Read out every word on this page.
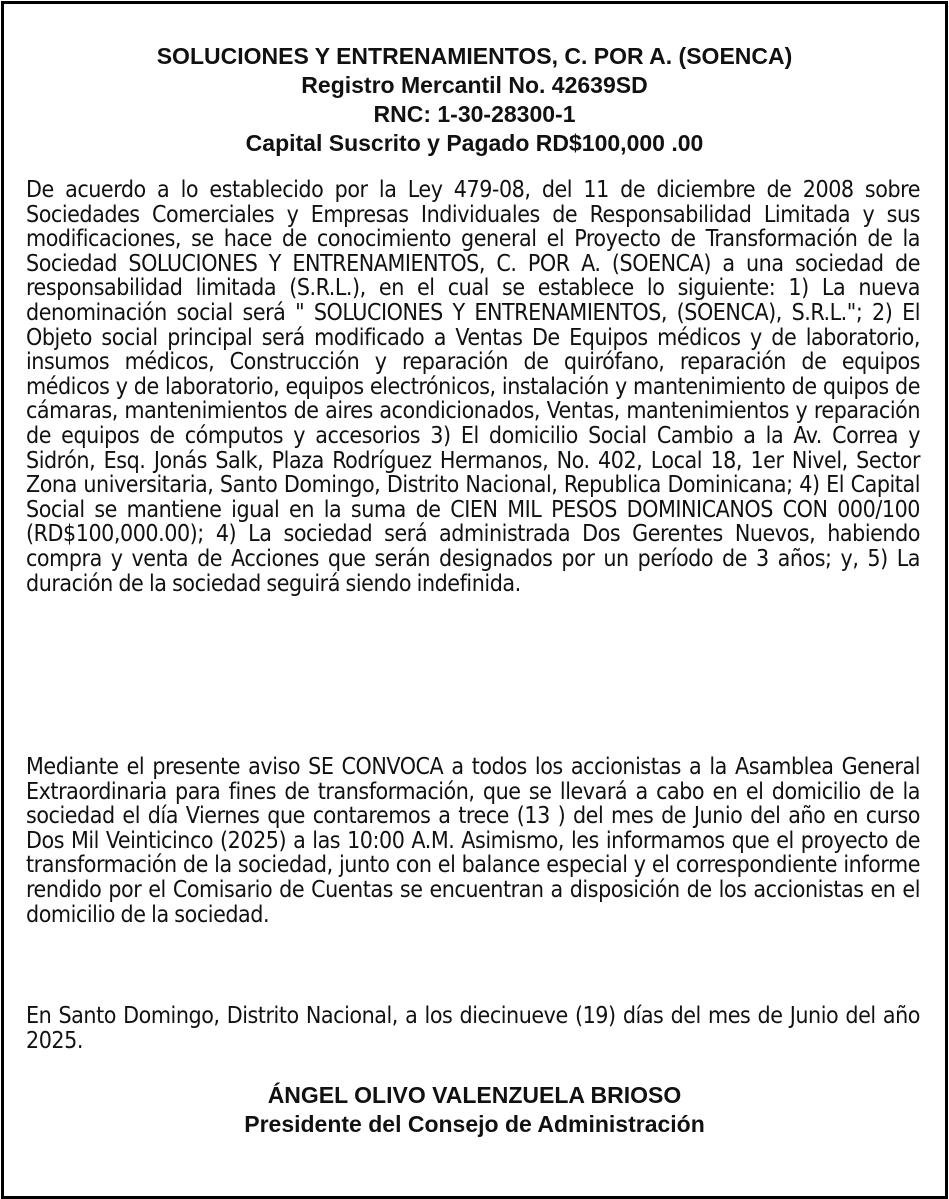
SOLUCIONES Y ENTRENAMIENTOS, C. POR A. (SOENCA)
Registro Mercantil No. 42639SD
RNC: 1-30-28300-1
Capital Suscrito y Pagado RD$100,000 .00

De acuerdo a lo establecido por la Ley 479-08, del 11 de diciembre de 2008 sobre Sociedades Comerciales y Empresas Individuales de Responsabilidad Limitada y sus modificaciones, se hace de conocimiento general el Proyecto de Transformación de la Sociedad SOLUCIONES Y ENTRENAMIENTOS, C. POR A. (SOENCA) a una sociedad de responsabilidad limitada (S.R.L.), en el cual se establece lo siguiente: 1) La nueva denominación social será " SOLUCIONES Y ENTRENAMIENTOS, (SOENCA), S.R.L."; 2) El Objeto social principal será modificado a Ventas De Equipos médicos y de laboratorio, insumos médicos, Construcción y reparación de quirófano, reparación de equipos médicos y de laboratorio, equipos electrónicos, instalación y mantenimiento de quipos de cámaras, mantenimientos de aires acondicionados, Ventas, mantenimientos y reparación de equipos de cómputos y accesorios 3) El domicilio Social Cambio a la Av. Correa y Sidrón, Esq. Jonás Salk, Plaza Rodríguez Hermanos, No. 402, Local 18, 1er Nivel, Sector Zona universitaria, Santo Domingo, Distrito Nacional, Republica Dominicana; 4) El Capital Social se mantiene igual en la suma de CIEN MIL PESOS DOMINICANOS CON 000/100 (RD$100,000.00); 4) La sociedad será administrada Dos Gerentes Nuevos, habiendo compra y venta de Acciones que serán designados por un período de 3 años; y, 5) La duración de la sociedad seguirá siendo indefinida.

Mediante el presente aviso SE CONVOCA a todos los accionistas a la Asamblea General Extraordinaria para fines de transformación, que se llevará a cabo en el domicilio de la sociedad el día Viernes que contaremos a trece (13 ) del mes de Junio del año en curso Dos Mil Veinticinco (2025) a las 10:00 A.M. Asimismo, les informamos que el proyecto de transformación de la sociedad, junto con el balance especial y el correspondiente informe rendido por el Comisario de Cuentas se encuentran a disposición de los accionistas en el domicilio de la sociedad.

En Santo Domingo, Distrito Nacional, a los diecinueve (19) días del mes de Junio del año 2025.

ÁNGEL OLIVO VALENZUELA BRIOSO
Presidente del Consejo de Administración
